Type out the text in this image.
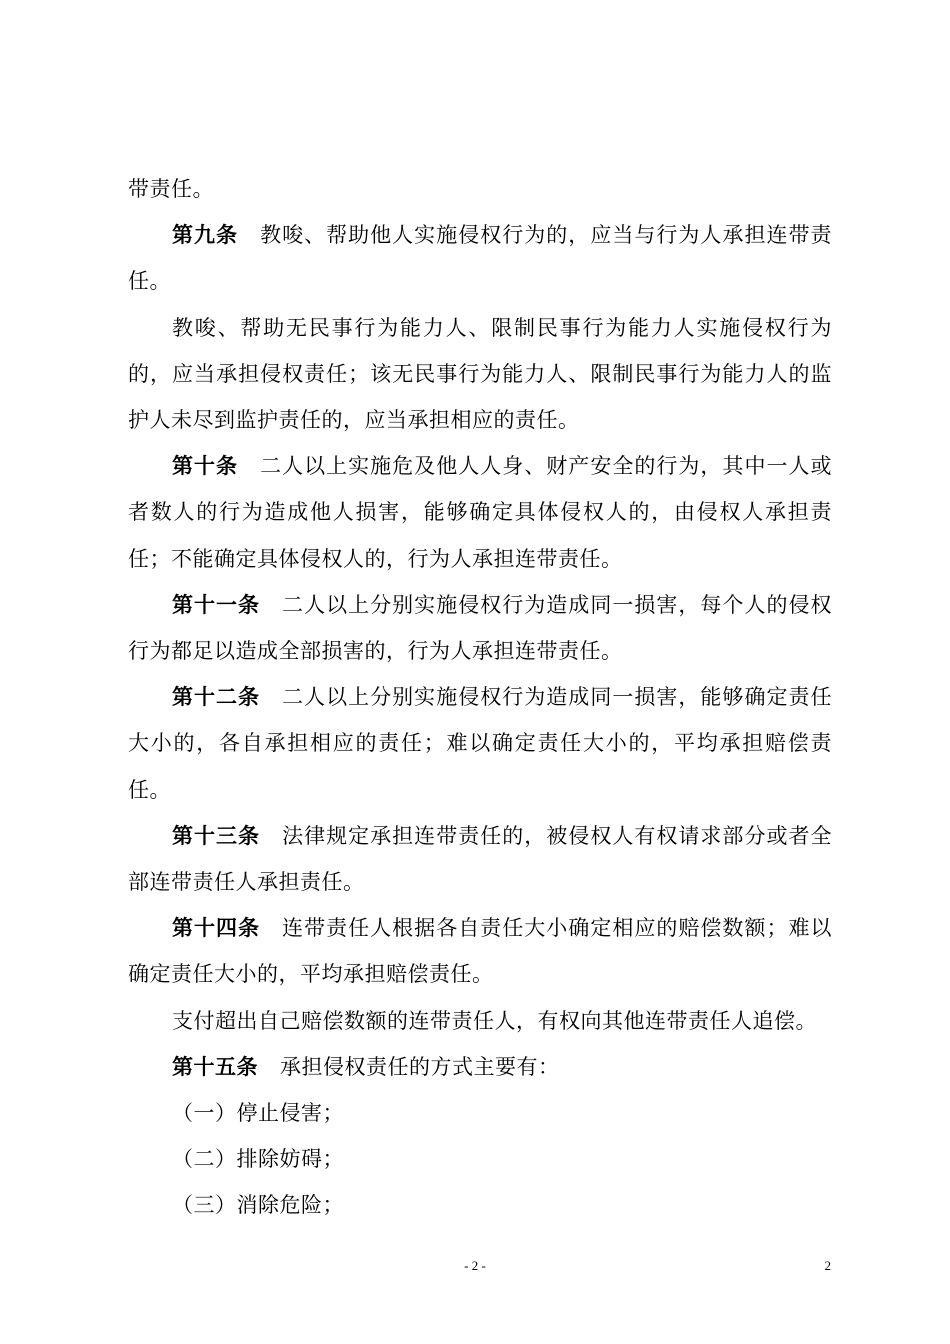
带责任。

第九条 教唆、帮助他人实施侵权行为的，应当与行为人承担连带责任。

教唆、帮助无民事行为能力人、限制民事行为能力人实施侵权行为的，应当承担侵权责任；该无民事行为能力人、限制民事行为能力人的监护人未尽到监护责任的，应当承担相应的责任。

第十条 二人以上实施危及他人人身、财产安全的行为，其中一人或者数人的行为造成他人损害，能够确定具体侵权人的，由侵权人承担责任；不能确定具体侵权人的，行为人承担连带责任。

第十一条 二人以上分别实施侵权行为造成同一损害，每个人的侵权行为都足以造成全部损害的，行为人承担连带责任。

第十二条 二人以上分别实施侵权行为造成同一损害，能够确定责任大小的，各自承担相应的责任；难以确定责任大小的，平均承担赔偿责任。

第十三条 法律规定承担连带责任的，被侵权人有权请求部分或者全部连带责任人承担责任。

第十四条 连带责任人根据各自责任大小确定相应的赔偿数额；难以确定责任大小的，平均承担赔偿责任。

支付超出自己赔偿数额的连带责任人，有权向其他连带责任人追偿。

第十五条 承担侵权责任的方式主要有：

（一）停止侵害；

（二）排除妨碍；

（三）消除危险；

- 2 -	2
